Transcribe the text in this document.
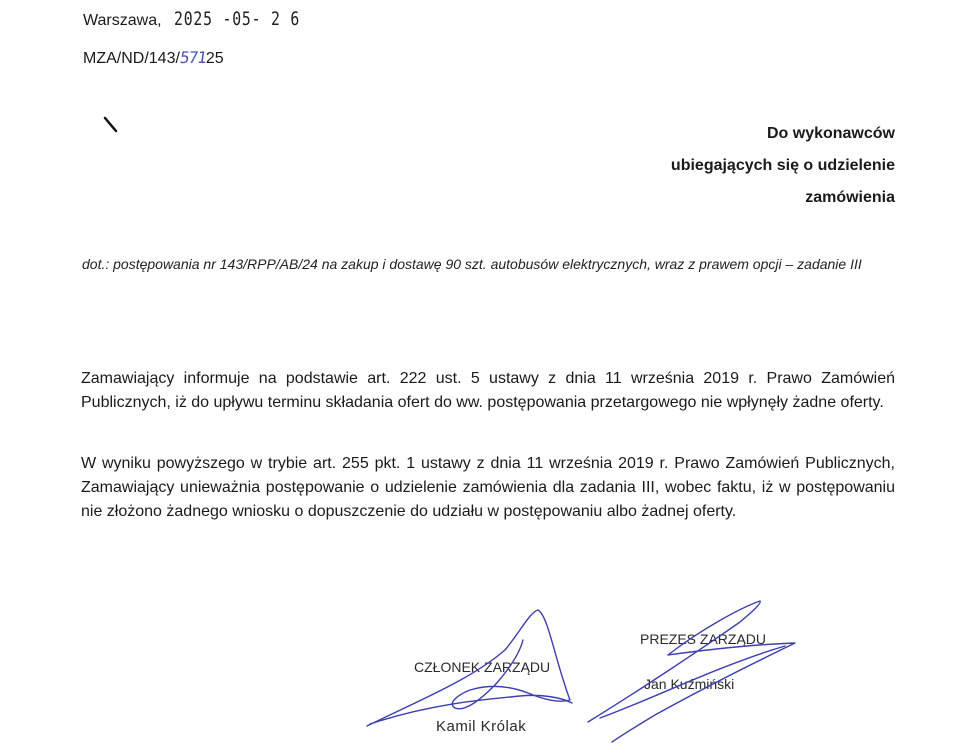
Warszawa, 2025 -05- 2 6
MZA/ND/143/57125
Do wykonawców
ubiegających się o udzielenie
zamówienia
dot.: postępowania nr 143/RPP/AB/24 na zakup i dostawę 90 szt. autobusów elektrycznych, wraz z prawem opcji – zadanie III
Zamawiający informuje na podstawie art. 222 ust. 5 ustawy z dnia 11 września 2019 r. Prawo Zamówień Publicznych, iż do upływu terminu składania ofert do ww. postępowania przetargowego nie wpłynęły żadne oferty.
W wyniku powyższego w trybie art. 255 pkt. 1 ustawy z dnia 11 września 2019 r. Prawo Zamówień Publicznych, Zamawiający unieważnia postępowanie o udzielenie zamówienia dla zadania III, wobec faktu, iż w postępowaniu nie złożono żadnego wniosku o dopuszczenie do udziału w postępowaniu albo żadnej oferty.
CZŁONEK ZARZĄDU
Kamil Królak
PREZES ZARZĄDU
Jan Kuźmiński
